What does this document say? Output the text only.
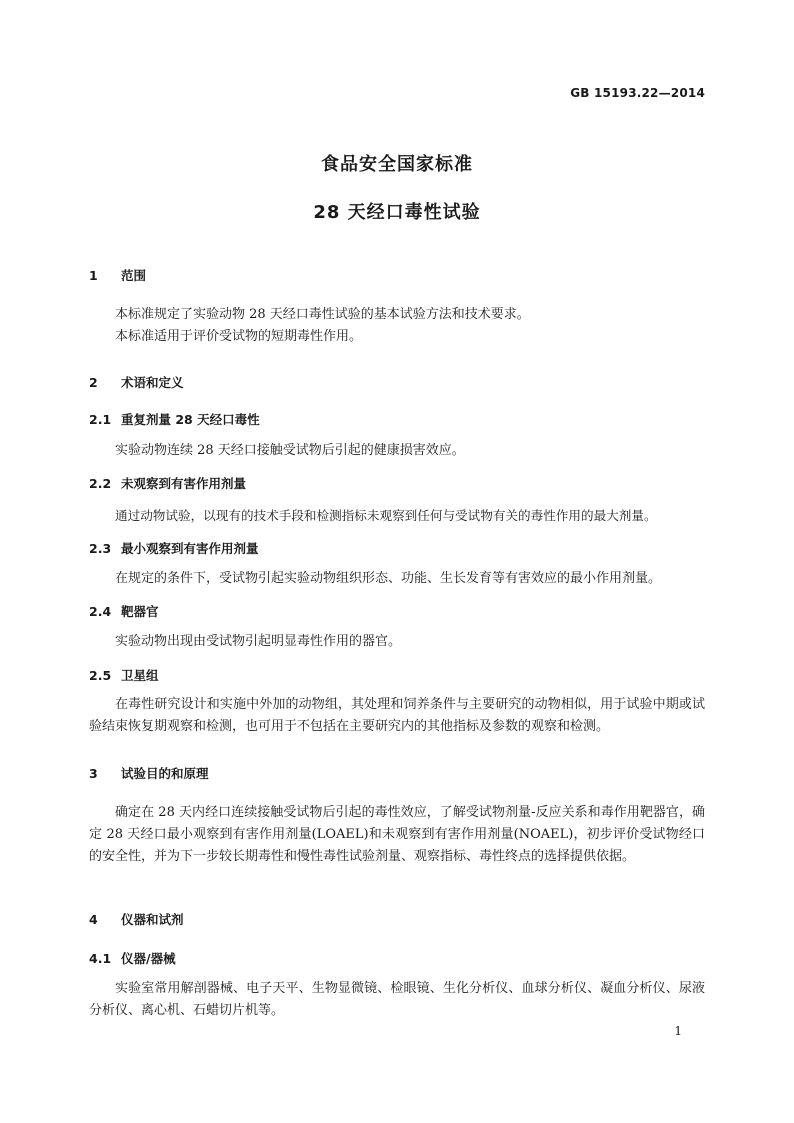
GB 15193.22—2014
食品安全国家标准
28 天经口毒性试验
1 范围
本标准规定了实验动物 28 天经口毒性试验的基本试验方法和技术要求。
本标准适用于评价受试物的短期毒性作用。
2 术语和定义
2.1 重复剂量 28 天经口毒性
实验动物连续 28 天经口接触受试物后引起的健康损害效应。
2.2 未观察到有害作用剂量
通过动物试验，以现有的技术手段和检测指标未观察到任何与受试物有关的毒性作用的最大剂量。
2.3 最小观察到有害作用剂量
在规定的条件下，受试物引起实验动物组织形态、功能、生长发育等有害效应的最小作用剂量。
2.4 靶器官
实验动物出现由受试物引起明显毒性作用的器官。
2.5 卫星组
在毒性研究设计和实施中外加的动物组，其处理和饲养条件与主要研究的动物相似，用于试验中期或试验结束恢复期观察和检测，也可用于不包括在主要研究内的其他指标及参数的观察和检测。
3 试验目的和原理
确定在 28 天内经口连续接触受试物后引起的毒性效应，了解受试物剂量-反应关系和毒作用靶器官，确定 28 天经口最小观察到有害作用剂量(LOAEL)和未观察到有害作用剂量(NOAEL)，初步评价受试物经口的安全性，并为下一步较长期毒性和慢性毒性试验剂量、观察指标、毒性终点的选择提供依据。
4 仪器和试剂
4.1 仪器/器械
实验室常用解剖器械、电子天平、生物显微镜、检眼镜、生化分析仪、血球分析仪、凝血分析仪、尿液分析仪、离心机、石蜡切片机等。
1
